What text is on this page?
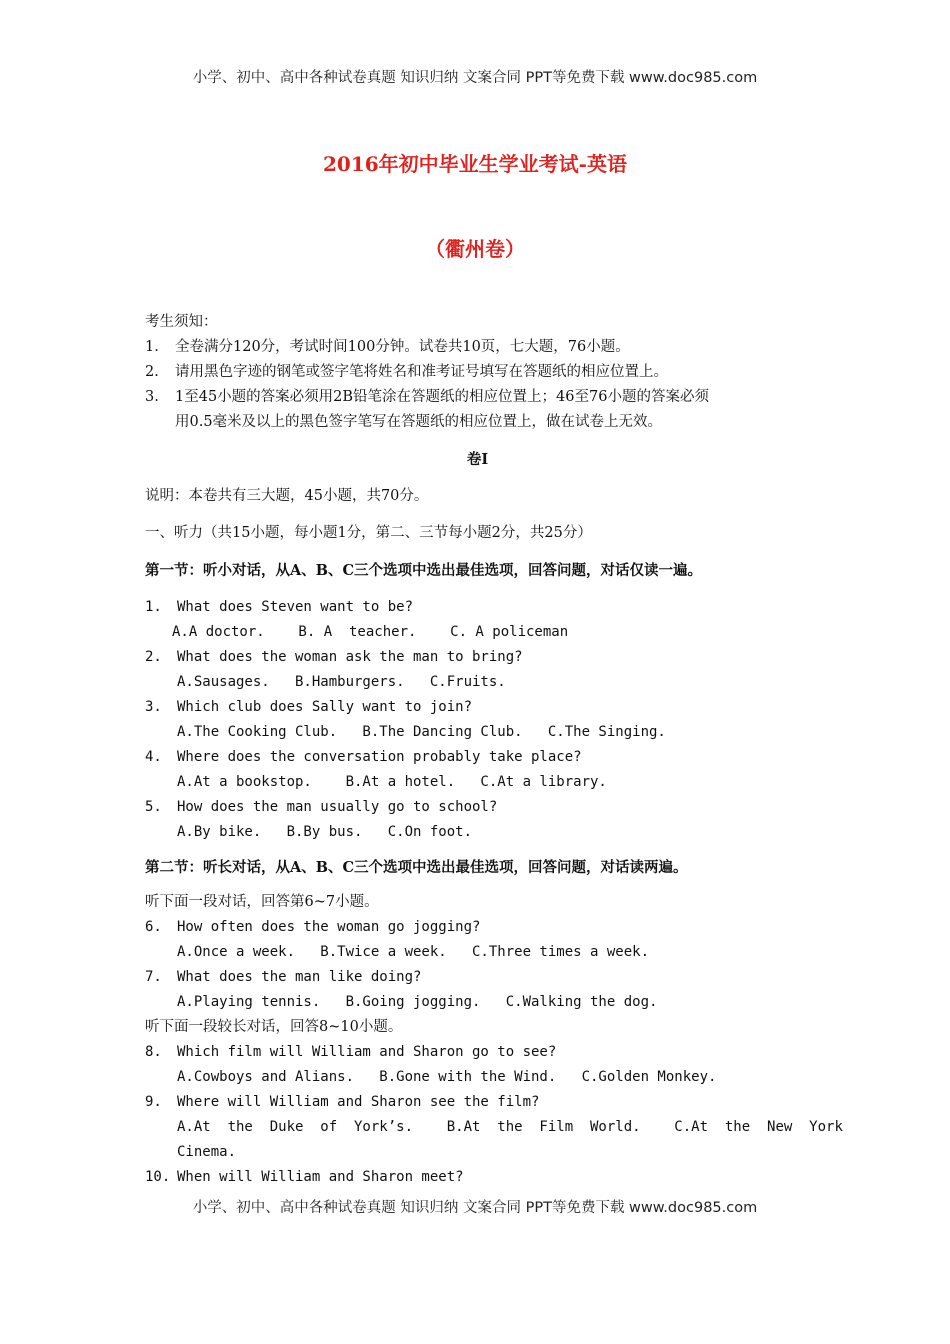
小学、初中、高中各种试卷真题 知识归纳 文案合同 PPT等免费下载 www.doc985.com
2016年初中毕业生学业考试-英语
（衢州卷）
考生须知：
1.	全卷满分120分，考试时间100分钟。试卷共10页，七大题，76小题。
2.	请用黑色字迹的钢笔或签字笔将姓名和准考证号填写在答题纸的相应位置上。
3.	1至45小题的答案必须用2B铅笔涂在答题纸的相应位置上；46至76小题的答案必须
用0.5毫米及以上的黑色签字笔写在答题纸的相应位置上，做在试卷上无效。
卷Ⅰ
说明：本卷共有三大题，45小题，共70分。
一、听力（共15小题，每小题1分，第二、三节每小题2分，共25分）
第一节：听小对话，从A、B、C三个选项中选出最佳选项，回答问题，对话仅读一遍。
1.	What does Steven want to be?
A.A doctor.    B. A  teacher.    C. A policeman
2.	What does the woman ask the man to bring?
A.Sausages.   B.Hamburgers.   C.Fruits.
3.	Which club does Sally want to join?
A.The Cooking Club.   B.The Dancing Club.   C.The Singing.
4.	Where does the conversation probably take place?
A.At a bookstop.    B.At a hotel.   C.At a library.
5.	How does the man usually go to school?
A.By bike.   B.By bus.   C.On foot.
第二节：听长对话，从A、B、C三个选项中选出最佳选项，回答问题，对话读两遍。
听下面一段对话，回答第6~7小题。
6.	How often does the woman go jogging?
A.Once a week.   B.Twice a week.   C.Three times a week.
7.	What does the man like doing?
A.Playing tennis.   B.Going jogging.   C.Walking the dog.
听下面一段较长对话，回答8~10小题。
8.	Which film will William and Sharon go to see?
A.Cowboys and Alians.   B.Gone with the Wind.   C.Golden Monkey.
9.	Where will William and Sharon see the film?
A.At  the  Duke  of  York’s.    B.At  the  Film  World.    C.At  the  New  York
Cinema.
10. When will William and Sharon meet?
小学、初中、高中各种试卷真题 知识归纳 文案合同 PPT等免费下载 www.doc985.com
